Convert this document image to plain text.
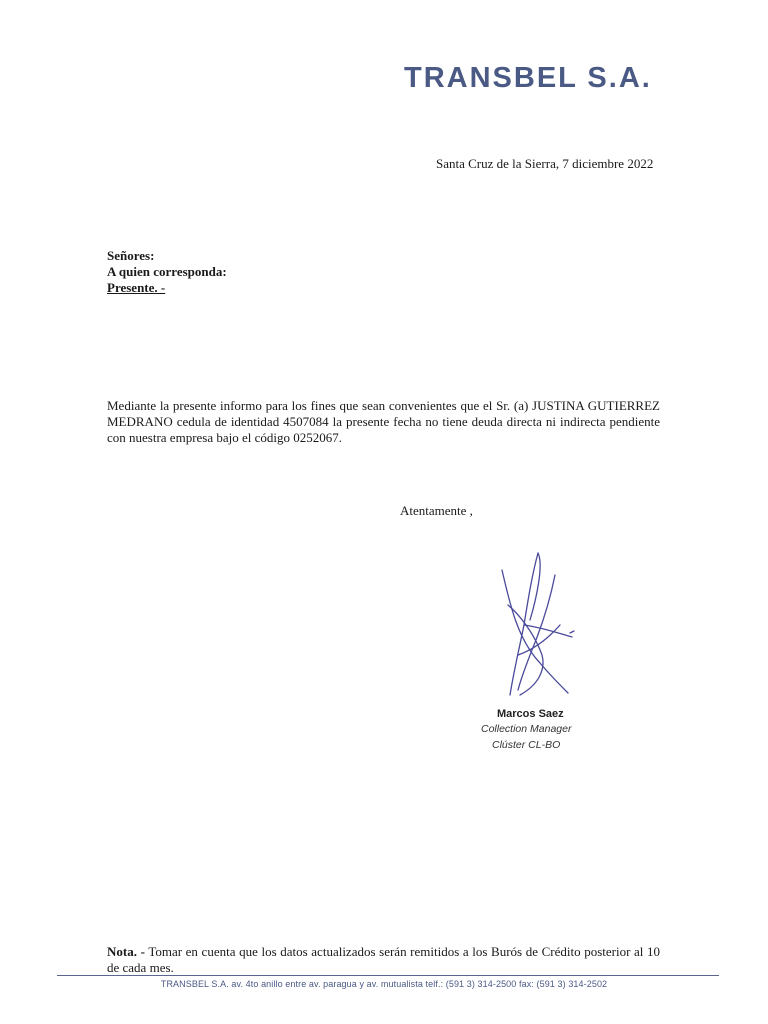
TRANSBEL S.A.
Santa Cruz de la Sierra, 7 diciembre 2022
Señores:
A quien corresponda:
Presente. -
Mediante la presente informo para los fines que sean convenientes que el Sr. (a) JUSTINA GUTIERREZ MEDRANO cedula de identidad 4507084 la presente fecha no tiene deuda directa ni indirecta pendiente con nuestra empresa bajo el código 0252067.
Atentamente ,
Marcos Saez
Collection Manager
Clúster CL-BO
Nota. - Tomar en cuenta que los datos actualizados serán remitidos a los Burós de Crédito posterior al 10 de cada mes.
TRANSBEL S.A. av. 4to anillo entre av. paragua y av. mutualista telf.: (591 3) 314-2500 fax: (591 3) 314-2502
